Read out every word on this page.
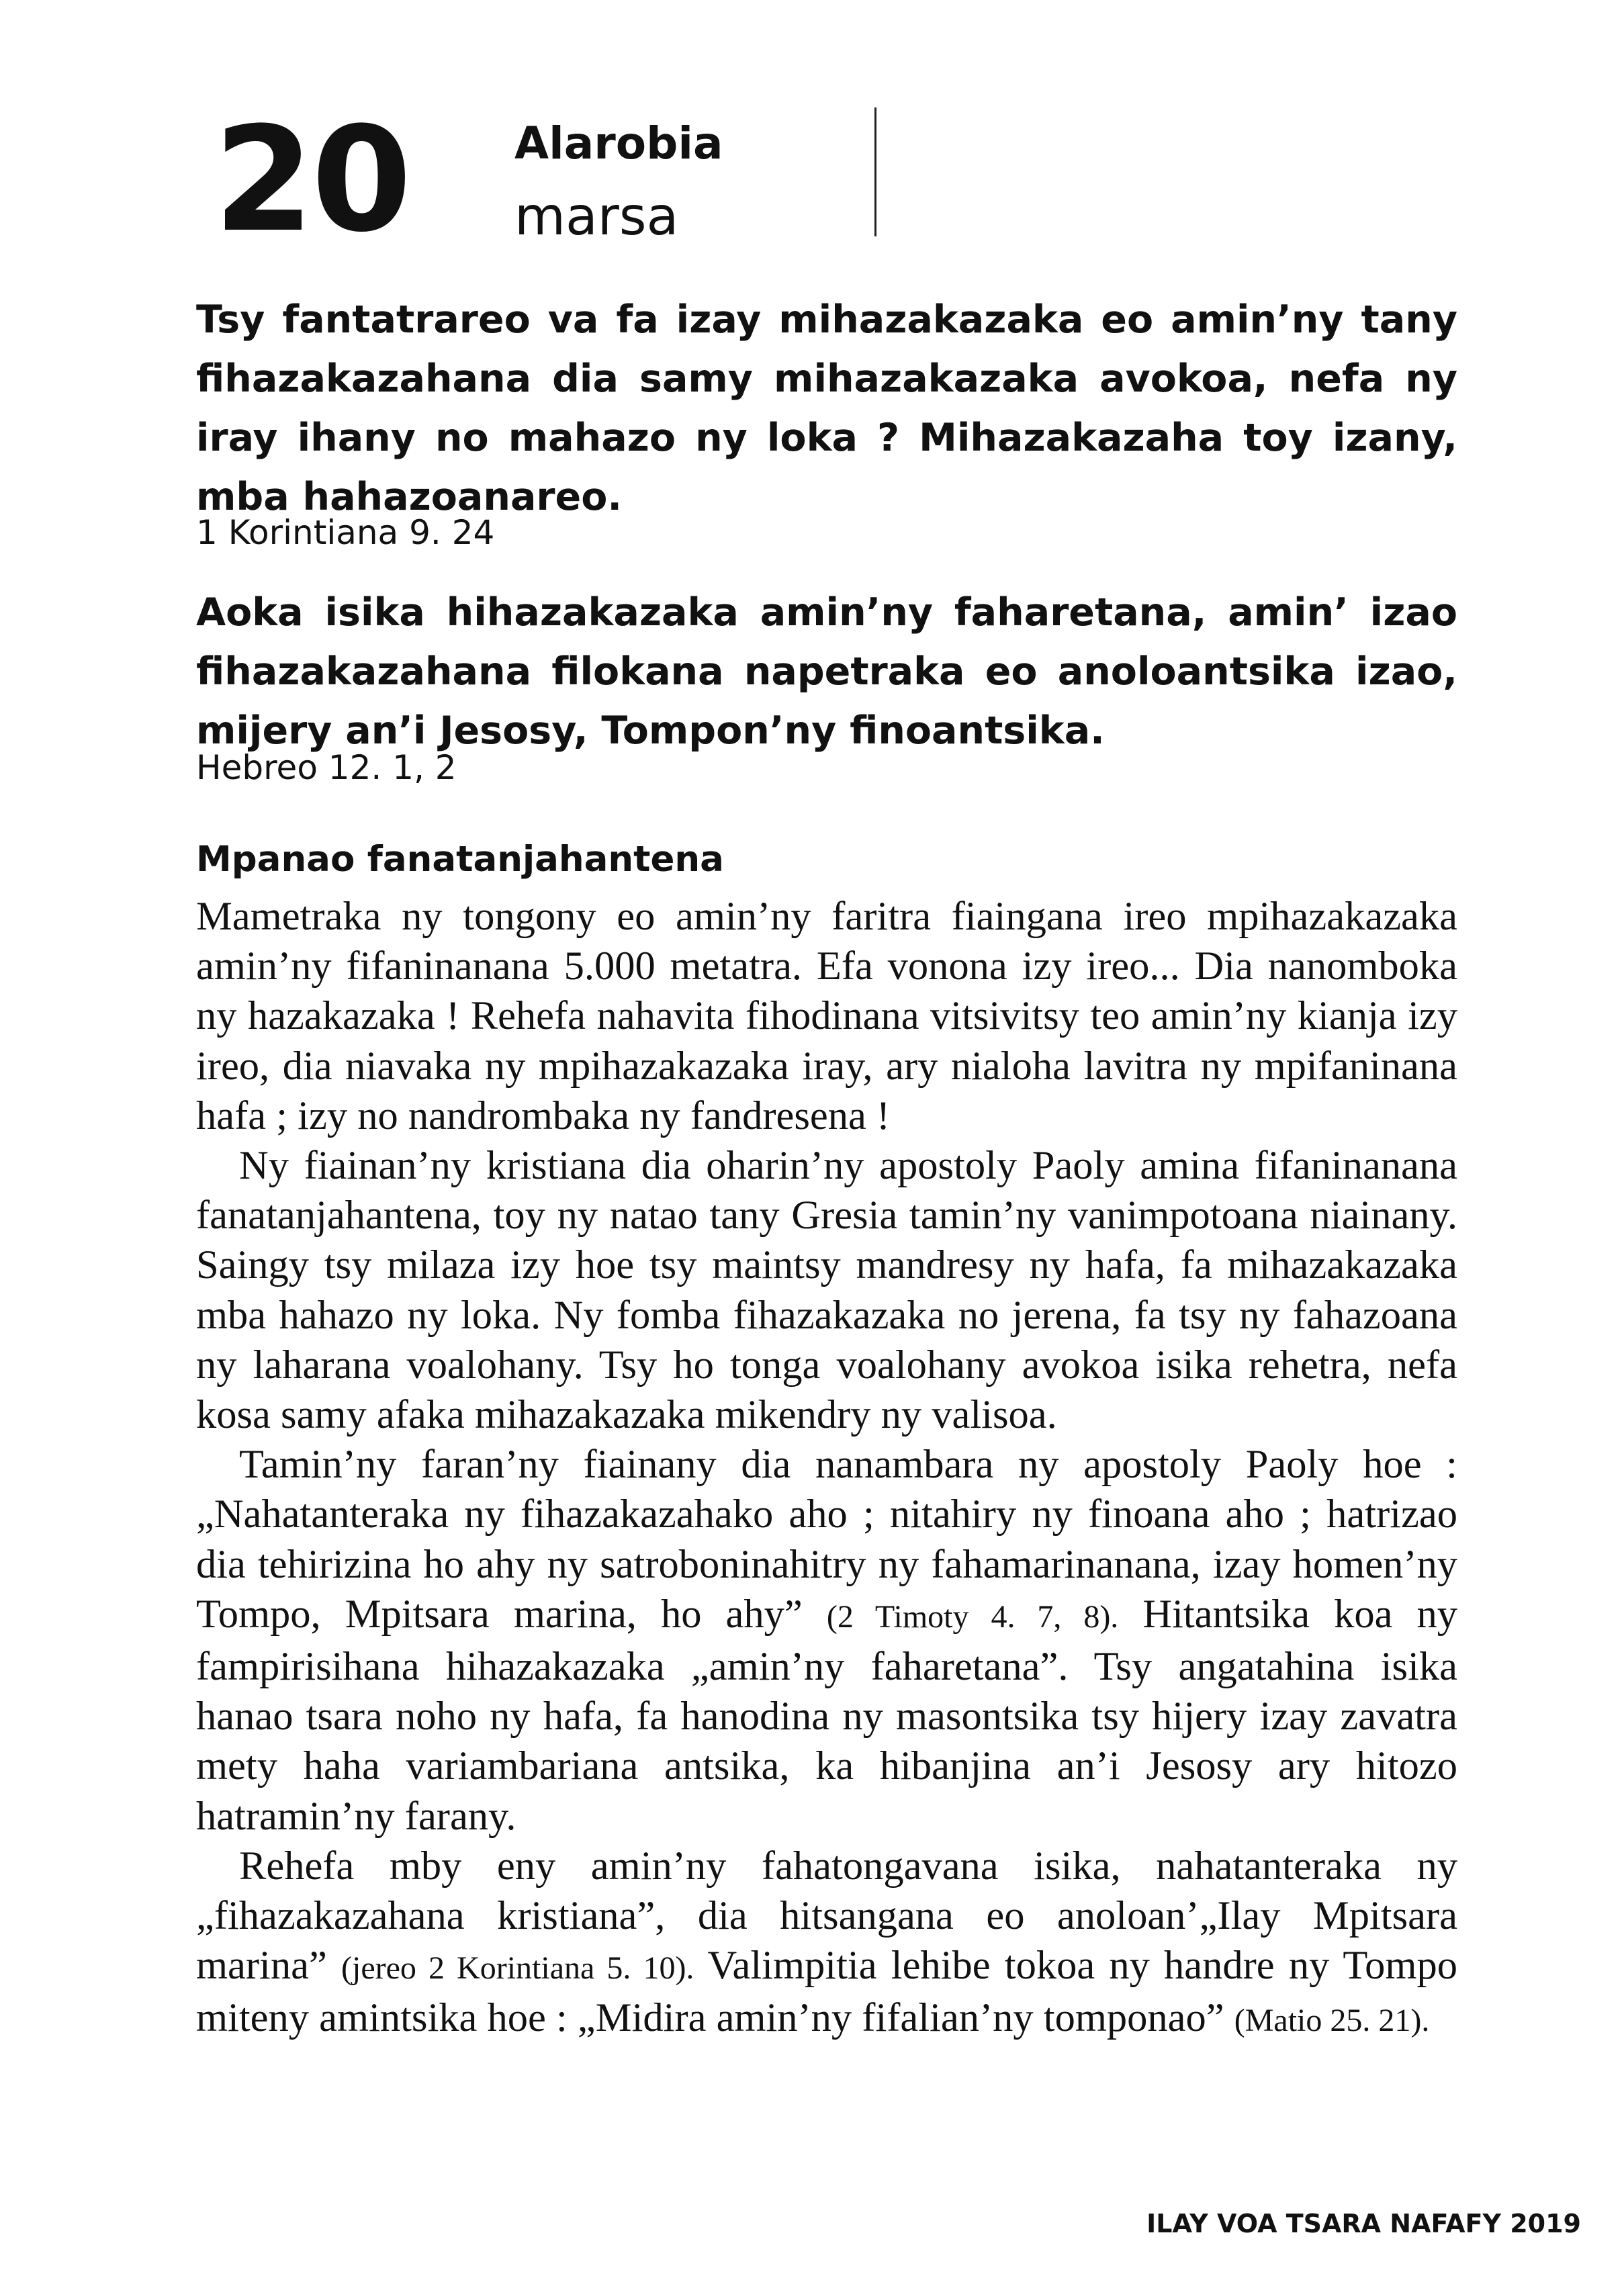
20 Alarobia
marsa

Tsy fantatrareo va fa izay mihazakazaka eo amin’ny tany fihazakazahana dia samy mihazakazaka avokoa, nefa ny iray ihany no mahazo ny loka ? Mihazakazaha toy izany, mba hahazoanareo.

1 Korintiana 9. 24

Aoka isika hihazakazaka amin’ny faharetana, amin’ izao fihazakazahana filokana napetraka eo anoloantsika izao, mijery an’i Jesosy, Tompon’ny finoantsika.

Hebreo 12. 1, 2

Mpanao fanatanjahantena

Mametraka ny tongony eo amin’ny faritra fiaingana ireo mpihazakazaka amin’ny fifaninanana 5.000 metatra. Efa vonona izy ireo... Dia nanomboka ny hazakazaka ! Rehefa nahavita fihodinana vitsivitsy teo amin’ny kianja izy ireo, dia niavaka ny mpihazakazaka iray, ary nialoha lavitra ny mpifaninana hafa ; izy no nandrombaka ny fandresena !

Ny fiainan’ny kristiana dia oharin’ny apostoly Paoly amina fifaninanana fanatanjahantena, toy ny natao tany Gresia tamin’ny vanimpotoana niainany. Saingy tsy milaza izy hoe tsy maintsy mandresy ny hafa, fa mihazakazaka mba hahazo ny loka. Ny fomba fihazakazaka no jerena, fa tsy ny fahazoana ny laharana voalohany. Tsy ho tonga voalohany avokoa isika rehetra, nefa kosa samy afaka mihazakazaka mikendry ny valisoa.

Tamin’ny faran’ny fiainany dia nanambara ny apostoly Paoly hoe : „Nahatanteraka ny fihazakazahako aho ; nitahiry ny finoana aho ; hatrizao dia tehirizina ho ahy ny satroboninahitry ny fahamarinanana, izay homen’ny Tompo, Mpitsara marina, ho ahy” (2 Timoty 4. 7, 8). Hitantsika koa ny fampirisihana hihazakazaka „amin’ny faharetana”. Tsy angatahina isika hanao tsara noho ny hafa, fa hanodina ny masontsika tsy hijery izay zavatra mety haha variambariana antsika, ka hibanjina an’i Jesosy ary hitozo hatramin’ny farany.

Rehefa mby eny amin’ny fahatongavana isika, nahatanteraka ny „fihazakazahana kristiana”, dia hitsangana eo anoloan’„Ilay Mpitsara marina” (jereo 2 Korintiana 5. 10). Valimpitia lehibe tokoa ny handre ny Tompo miteny amintsika hoe : „Midira amin’ny fifalian’ny tomponao” (Matio 25. 21).

ILAY VOA TSARA NAFAFY 2019
